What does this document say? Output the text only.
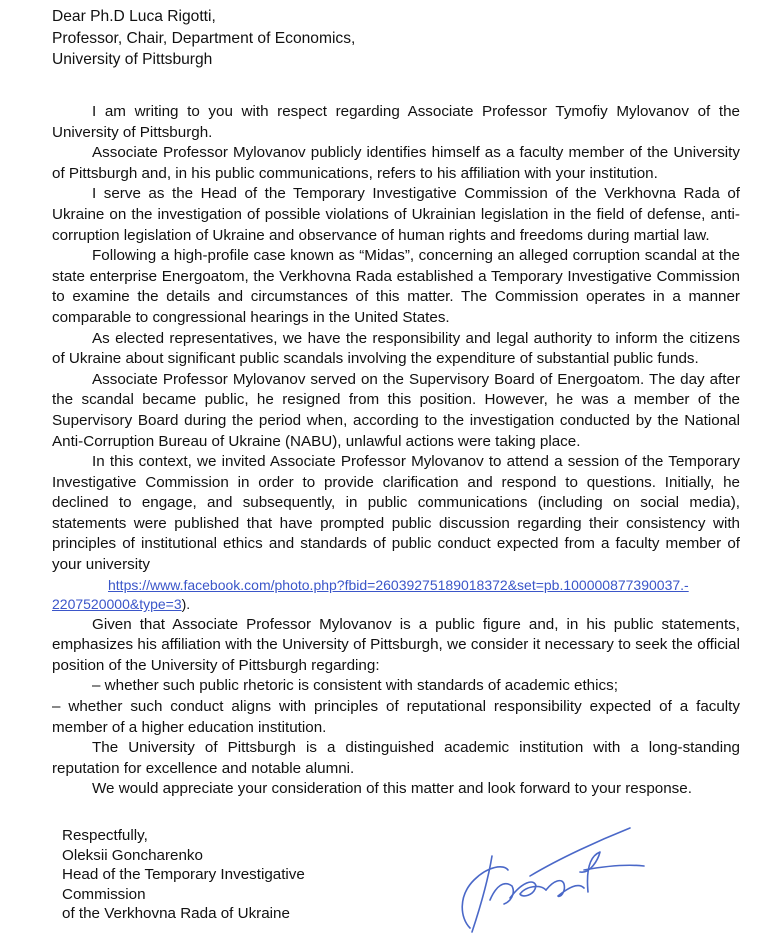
Dear Ph.D Luca Rigotti,
Professor, Chair, Department of Economics,
University of Pittsburgh

I am writing to you with respect regarding Associate Professor Tymofiy Mylovanov of the University of Pittsburgh.

Associate Professor Mylovanov publicly identifies himself as a faculty member of the University of Pittsburgh and, in his public communications, refers to his affiliation with your institution.

I serve as the Head of the Temporary Investigative Commission of the Verkhovna Rada of Ukraine on the investigation of possible violations of Ukrainian legislation in the field of defense, anti-corruption legislation of Ukraine and observance of human rights and freedoms during martial law.

Following a high-profile case known as “Midas”, concerning an alleged corruption scandal at the state enterprise Energoatom, the Verkhovna Rada established a Temporary Investigative Commission to examine the details and circumstances of this matter. The Commission operates in a manner comparable to congressional hearings in the United States.

As elected representatives, we have the responsibility and legal authority to inform the citizens of Ukraine about significant public scandals involving the expenditure of substantial public funds.

Associate Professor Mylovanov served on the Supervisory Board of Energoatom. The day after the scandal became public, he resigned from this position. However, he was a member of the Supervisory Board during the period when, according to the investigation conducted by the National Anti-Corruption Bureau of Ukraine (NABU), unlawful actions were taking place.

In this context, we invited Associate Professor Mylovanov to attend a session of the Temporary Investigative Commission in order to provide clarification and respond to questions. Initially, he declined to engage, and subsequently, in public communications (including on social media), statements were published that have prompted public discussion regarding their consistency with principles of institutional ethics and standards of public conduct expected from a faculty member of your university

https://www.facebook.com/photo.php?fbid=26039275189018372&set=pb.100000877390037.-
2207520000&type=3).

Given that Associate Professor Mylovanov is a public figure and, in his public statements, emphasizes his affiliation with the University of Pittsburgh, we consider it necessary to seek the official position of the University of Pittsburgh regarding:

– whether such public rhetoric is consistent with standards of academic ethics;

– whether such conduct aligns with principles of reputational responsibility expected of a faculty member of a higher education institution.

The University of Pittsburgh is a distinguished academic institution with a long-standing reputation for excellence and notable alumni.

We would appreciate your consideration of this matter and look forward to your response.

Respectfully,
Oleksii Goncharenko
Head of the Temporary Investigative
Commission
of the Verkhovna Rada of Ukraine
